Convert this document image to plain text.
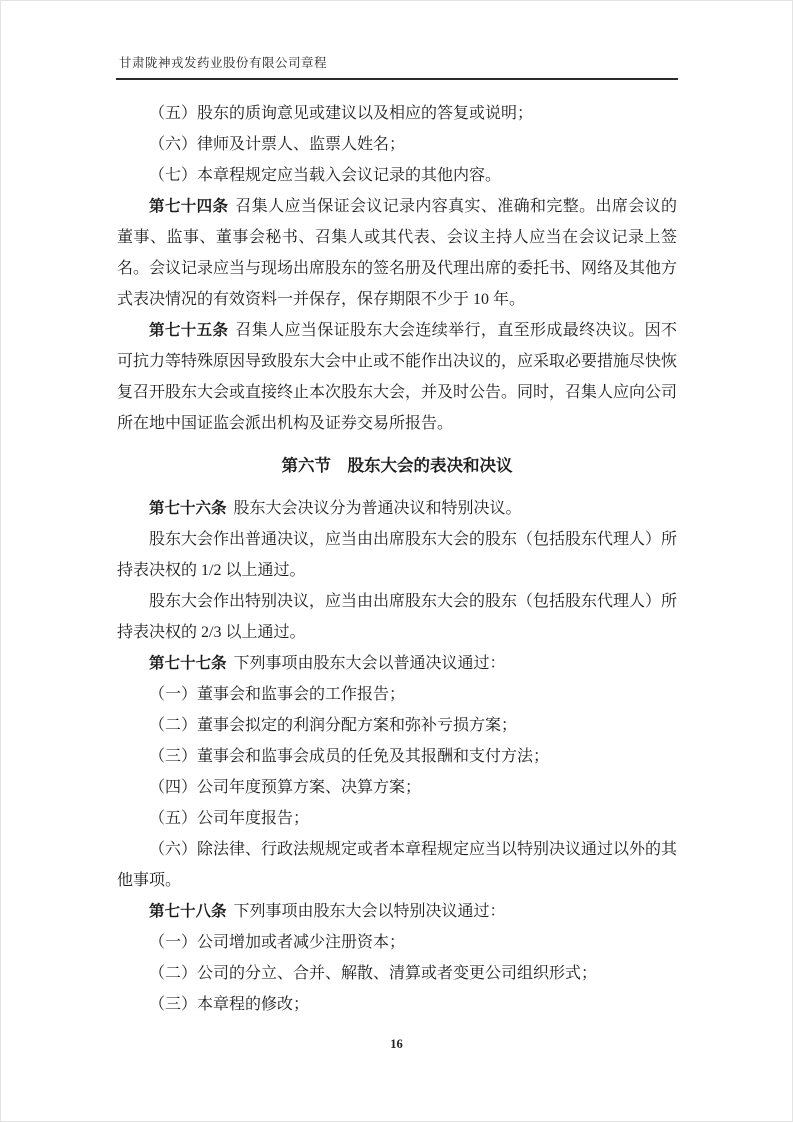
甘肃陇神戎发药业股份有限公司章程

（五）股东的质询意见或建议以及相应的答复或说明；

（六）律师及计票人、监票人姓名；

（七）本章程规定应当载入会议记录的其他内容。

第七十四条 召集人应当保证会议记录内容真实、准确和完整。出席会议的董事、监事、董事会秘书、召集人或其代表、会议主持人应当在会议记录上签名。会议记录应当与现场出席股东的签名册及代理出席的委托书、网络及其他方式表决情况的有效资料一并保存，保存期限不少于 10 年。

第七十五条 召集人应当保证股东大会连续举行，直至形成最终决议。因不可抗力等特殊原因导致股东大会中止或不能作出决议的，应采取必要措施尽快恢复召开股东大会或直接终止本次股东大会，并及时公告。同时，召集人应向公司所在地中国证监会派出机构及证券交易所报告。

第六节　股东大会的表决和决议

第七十六条 股东大会决议分为普通决议和特别决议。

股东大会作出普通决议，应当由出席股东大会的股东（包括股东代理人）所持表决权的 1/2 以上通过。

股东大会作出特别决议，应当由出席股东大会的股东（包括股东代理人）所持表决权的 2/3 以上通过。

第七十七条 下列事项由股东大会以普通决议通过：

（一）董事会和监事会的工作报告；

（二）董事会拟定的利润分配方案和弥补亏损方案；

（三）董事会和监事会成员的任免及其报酬和支付方法；

（四）公司年度预算方案、决算方案；

（五）公司年度报告；

（六）除法律、行政法规规定或者本章程规定应当以特别决议通过以外的其他事项。

第七十八条 下列事项由股东大会以特别决议通过：

（一）公司增加或者减少注册资本；

（二）公司的分立、合并、解散、清算或者变更公司组织形式；

（三）本章程的修改；

16
